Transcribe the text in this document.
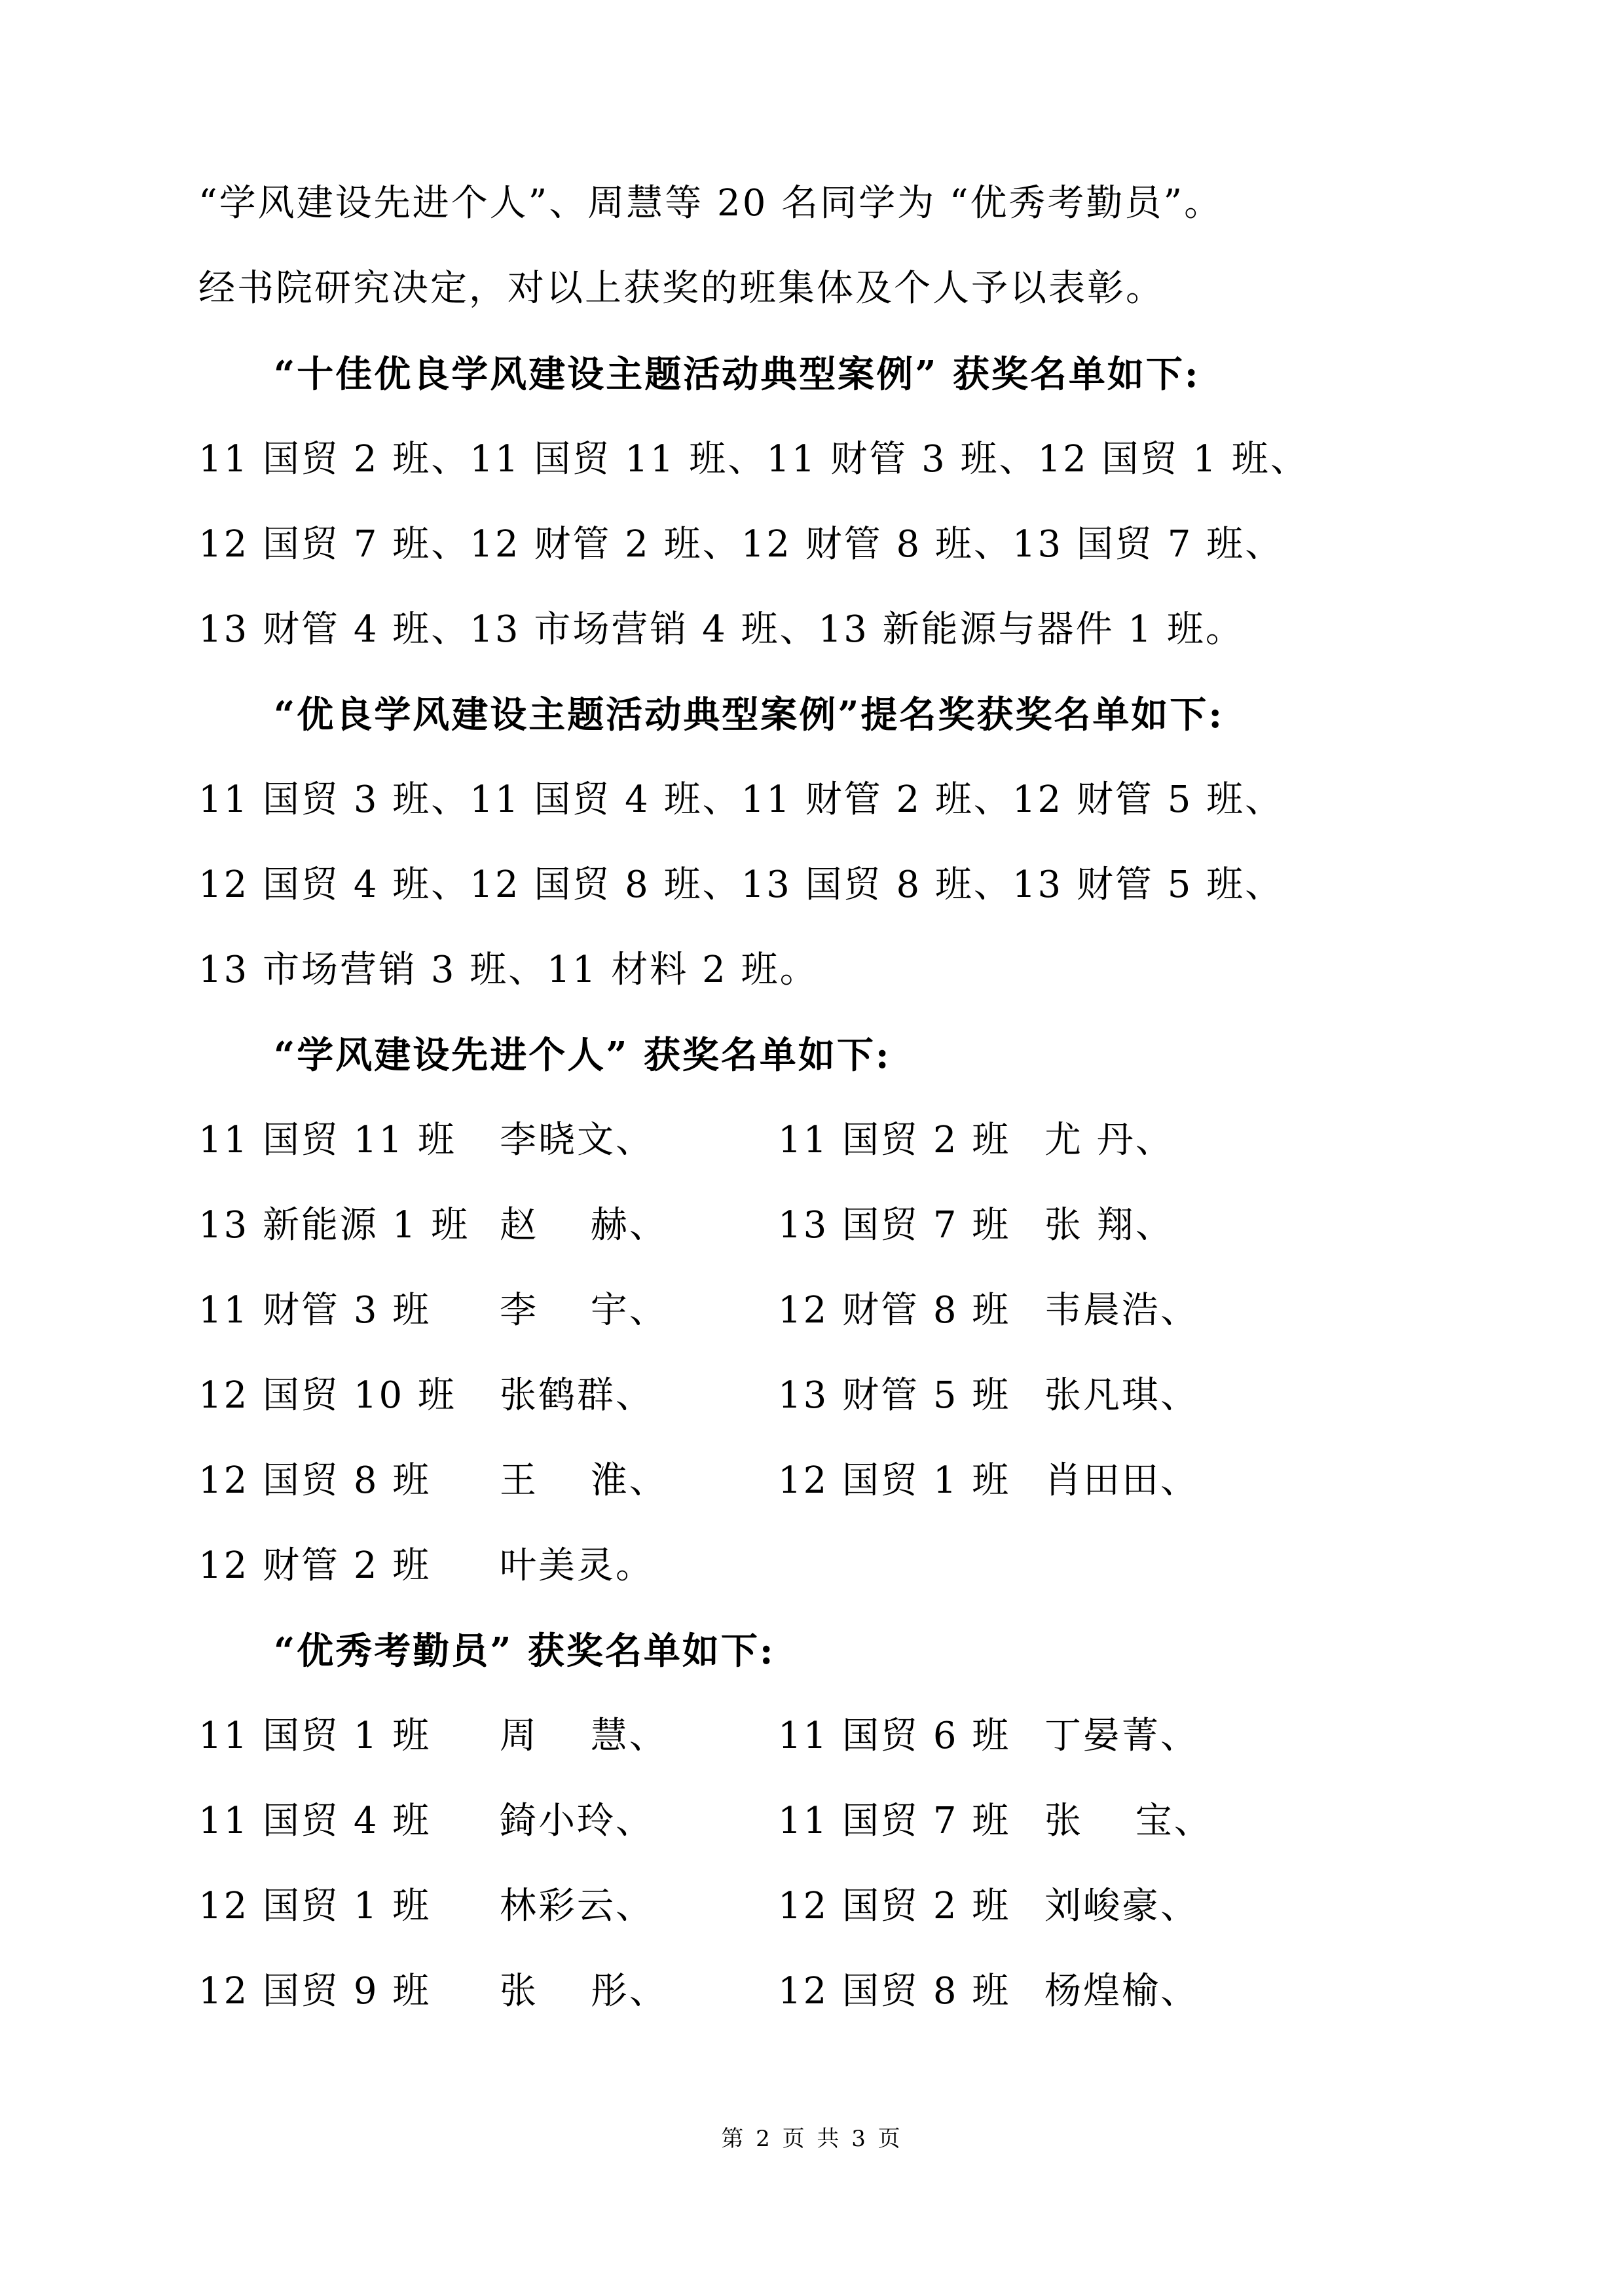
“学风建设先进个人”、周慧等 20 名同学为 “优秀考勤员”。
经书院研究决定，对以上获奖的班集体及个人予以表彰。
“十佳优良学风建设主题活动典型案例” 获奖名单如下:
11 国贸 2 班、11 国贸 11 班、11 财管 3 班、12 国贸 1 班、
12 国贸 7 班、12 财管 2 班、12 财管 8 班、13 国贸 7 班、
13 财管 4 班、13 市场营销 4 班、13 新能源与器件 1 班。
“优良学风建设主题活动典型案例”提名奖获奖名单如下:
11 国贸 3 班、11 国贸 4 班、11 财管 2 班、12 财管 5 班、
12 国贸 4 班、12 国贸 8 班、13 国贸 8 班、13 财管 5 班、
13 市场营销 3 班、11 材料 2 班。
“学风建设先进个人” 获奖名单如下:
11 国贸 11 班 李晓文、	11 国贸 2 班 尤 丹、
13 新能源 1 班 赵　 赫、	13 国贸 7 班 张 翔、
11 财管 3 班 李　 宇、	12 财管 8 班 韦晨浩、
12 国贸 10 班 张鹤群、	13 财管 5 班 张凡琪、
12 国贸 8 班 王　 淮、	12 国贸 1 班 肖田田、
12 财管 2 班 叶美灵。
“优秀考勤员” 获奖名单如下:
11 国贸 1 班 周　 慧、	11 国贸 6 班 丁晏菁、
11 国贸 4 班 錡小玲、	11 国贸 7 班 张　 宝、
12 国贸 1 班 林彩云、	12 国贸 2 班 刘峻豪、
12 国贸 9 班 张　 彤、	12 国贸 8 班 杨煌榆、
第 2 页 共 3 页
